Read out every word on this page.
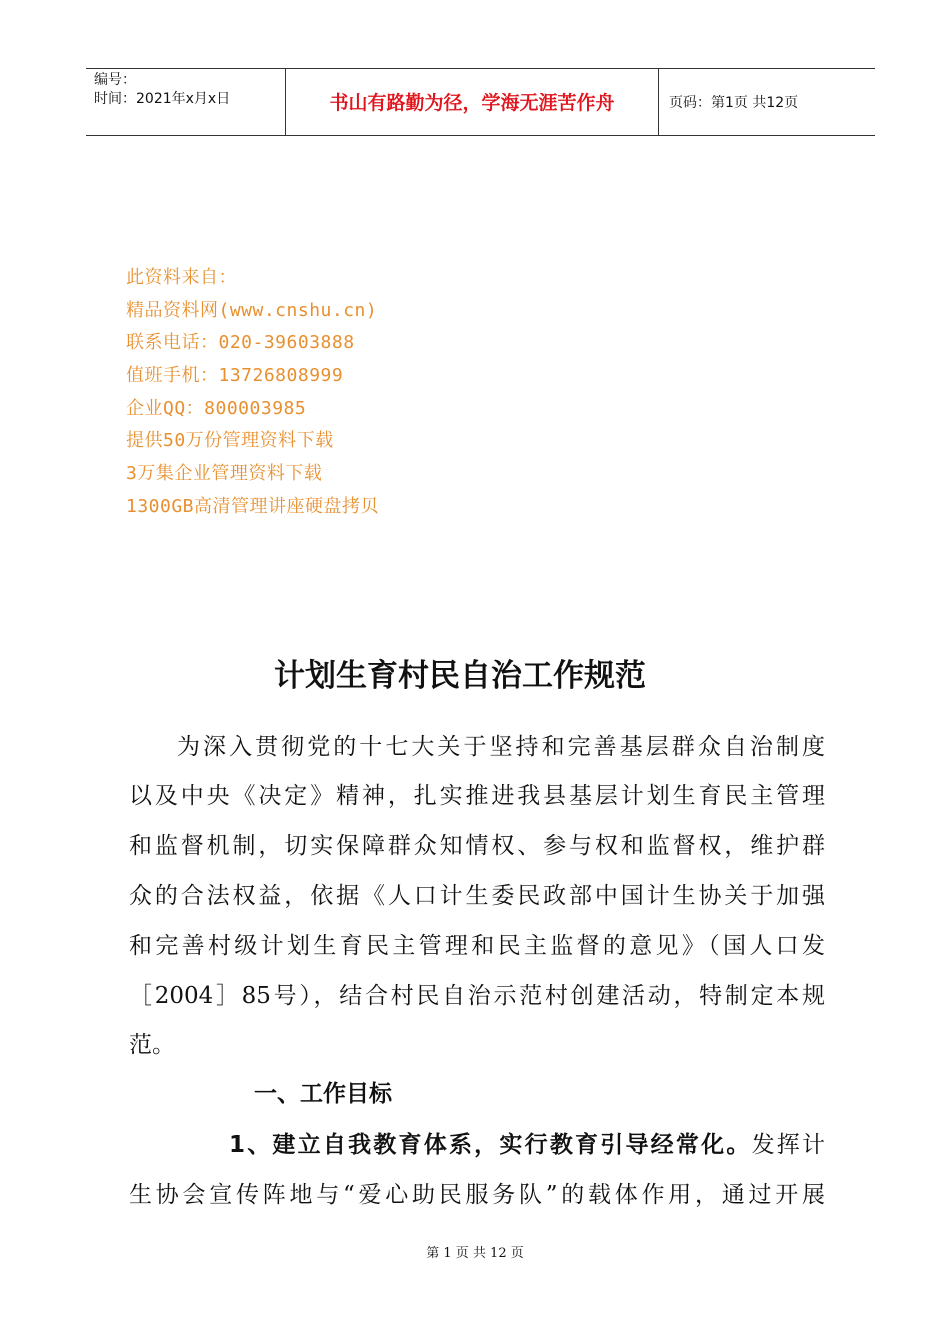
编号：
时间：2021年x月x日	书山有路勤为径，学海无涯苦作舟	页码：第1页 共12页
此资料来自：
精品资料网(www.cnshu.cn)
联系电话：020-39603888
值班手机：13726808999
企业QQ：800003985
提供50万份管理资料下载
3万集企业管理资料下载
1300GB高清管理讲座硬盘拷贝
计划生育村民自治工作规范
为深入贯彻党的十七大关于坚持和完善基层群众自治制度
以及中央《决定》精神，扎实推进我县基层计划生育民主管理
和监督机制，切实保障群众知情权、参与权和监督权，维护群
众的合法权益，依据《人口计生委民政部中国计生协关于加强
和完善村级计划生育民主管理和民主监督的意见》（国人口发
［2004］85号），结合村民自治示范村创建活动，特制定本规
范。
一、工作目标
1、建立自我教育体系，实行教育引导经常化。发挥计
生协会宣传阵地与“爱心助民服务队”的载体作用，通过开展
第 1 页 共 12 页
